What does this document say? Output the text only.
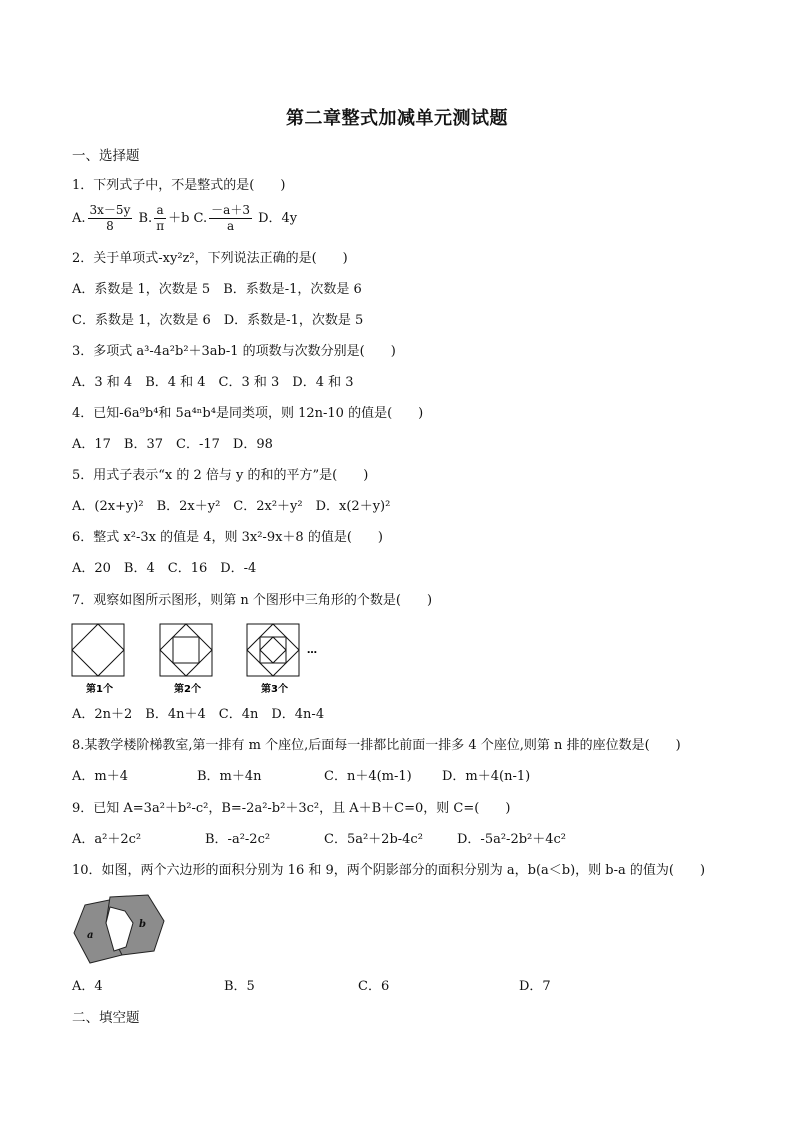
第二章整式加减单元测试题
一、选择题
1．下列式子中，不是整式的是(　　)
A. $\frac{3x-5y}{8} B$. $\frac{a}{\pi} +b$ C. $\frac{-a+3}{a}$ D．4y
2．关于单项式-xy²z²，下列说法正确的是(　　)
A．系数是 1，次数是 5　B．系数是-1，次数是 6
C．系数是 1，次数是 6　D．系数是-1，次数是 5
3．多项式 a³-4a²b²＋3ab-1 的项数与次数分别是(　　)
A．3 和 4　B．4 和 4　C．3 和 3　D．4 和 3
4．已知-6a⁹b⁴和 5a⁴ⁿb⁴是同类项，则 12n-10 的值是(　　)
A．17　B．37　C．-17　D．98
5．用式子表示“x 的 2 倍与 y 的和的平方”是(　　)
A．(2x+y)²　B．2x＋y²　C．2x²＋y²　D．x(2＋y)²
6．整式 x²-3x 的值是 4，则 3x²-9x＋8 的值是(　　)
A．20　B．4　C．16　D．-4
7．观察如图所示图形，则第 n 个图形中三角形的个数是(　　)
…
第1个	第2个	第3个
A．2n＋2　B．4n＋4　C．4n　D．4n-4
8.某教学楼阶梯教室,第一排有 m 个座位,后面每一排都比前面一排多 4 个座位,则第 n 排的座位数是(　　)
A．m＋4	B．m＋4n	C．n＋4(m-1) D．m＋4(n-1)
9．已知 A=3a²＋b²-c²，B=-2a²-b²＋3c²，且 A＋B＋C=0，则 C=(　　)
A．a²＋2c²	B．-a²-2c²	C．5a²＋2b-4c²	D．-5a²-2b²＋4c²
10．如图，两个六边形的面积分别为 16 和 9，两个阴影部分的面积分别为 a，b(a＜b)，则 b-a 的值为(　　)
a
b
A．4	B．5	C．6	D．7
二、填空题
